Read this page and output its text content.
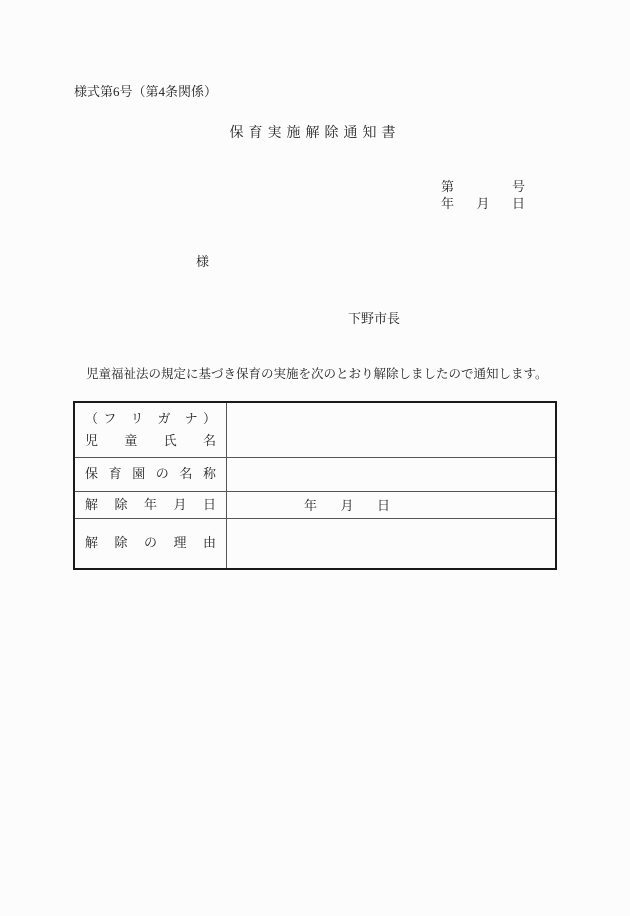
様式第6号（第4条関係）
保育実施解除通知書
第	号
年 月 日
様
下野市長
児童福祉法の規定に基づき保育の実施を次のとおり解除しましたので通知します。
（フ リ ガ ナ）
児 童 氏 名	

保 育 園 の 名 称	

解 除 年 月 日	年 月 日

解 除 の 理 由	
